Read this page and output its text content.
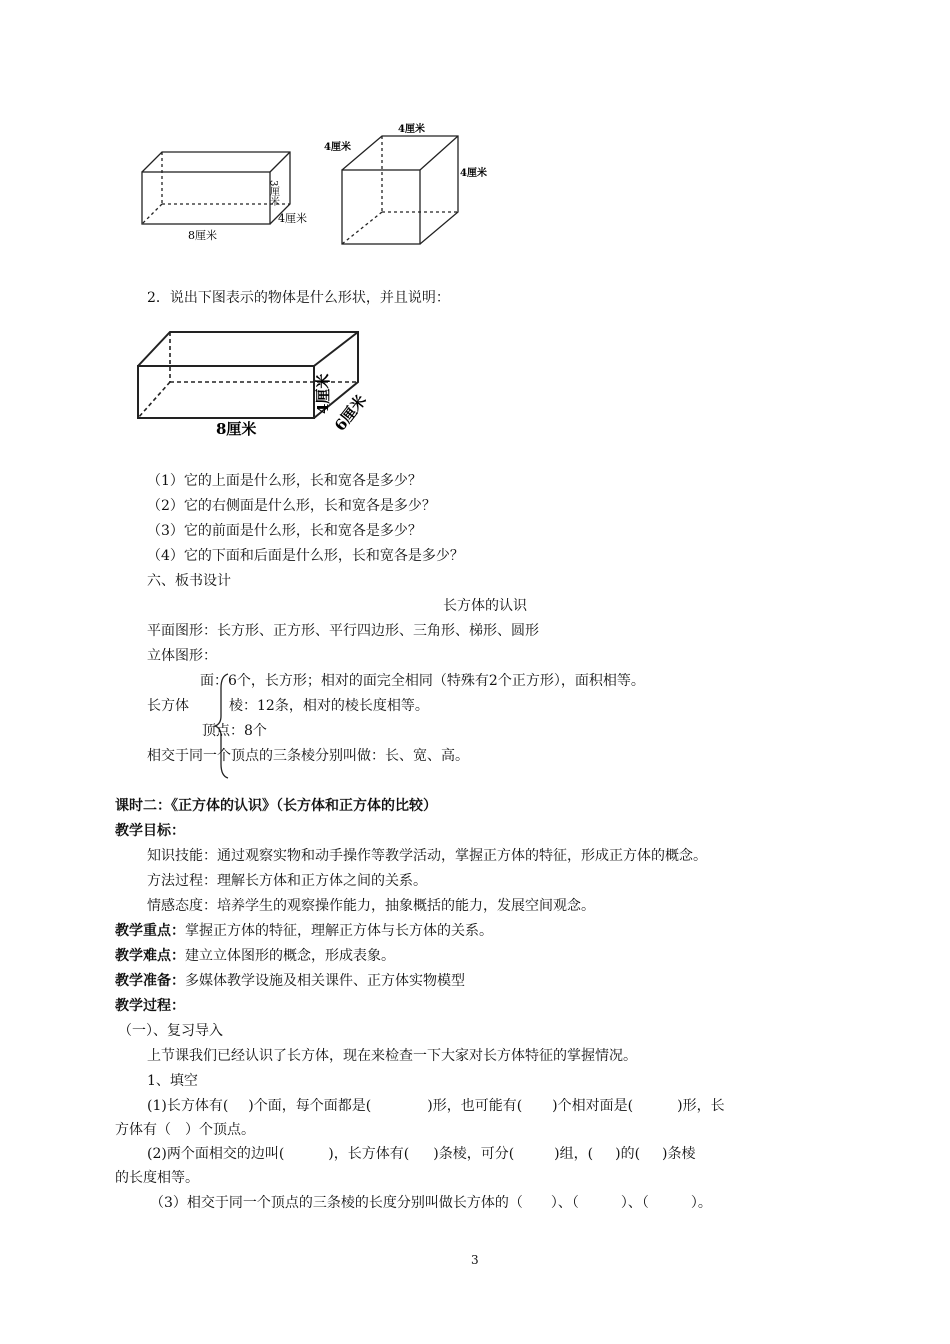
3厘米
4厘米
8厘米
4厘米
4厘米
4厘米
2．说出下图表示的物体是什么形状，并且说明：
4厘米
6厘米
8厘米
（1）它的上面是什么形，长和宽各是多少？
（2）它的右侧面是什么形，长和宽各是多少？
（3）它的前面是什么形，长和宽各是多少？
（4）它的下面和后面是什么形，长和宽各是多少？
六、板书设计
长方体的认识
平面图形：长方形、正方形、平行四边形、三角形、梯形、圆形
立体图形：
面：6个，长方形；相对的面完全相同（特殊有2个正方形），面积相等。
长方体	棱：12条，相对的棱长度相等。
顶点：8个
相交于同一个顶点的三条棱分别叫做：长、宽、高。
课时二：《正方体的认识》（长方体和正方体的比较）
教学目标：
知识技能：通过观察实物和动手操作等教学活动，掌握正方体的特征，形成正方体的概念。
方法过程：理解长方体和正方体之间的关系。
情感态度：培养学生的观察操作能力，抽象概括的能力，发展空间观念。
教学重点：掌握正方体的特征，理解正方体与长方体的关系。
教学难点：建立立体图形的概念，形成表象。
教学准备：多媒体教学设施及相关课件、正方体实物模型
教学过程：
（一）、复习导入
上节课我们已经认识了长方体，现在来检查一下大家对长方体特征的掌握情况。
1、填空
(1)长方体有( )个面，每个面都是(	)形，也可能有( )个相对面是(	)形，长
方体有（　）个顶点。
(2)两个面相交的边叫(	)，长方体有( )条棱，可分(	)组，( )的( )条棱
的长度相等。
（3）相交于同一个顶点的三条棱的长度分别叫做长方体的（　　）、（　　　）、（　　　）。
3
